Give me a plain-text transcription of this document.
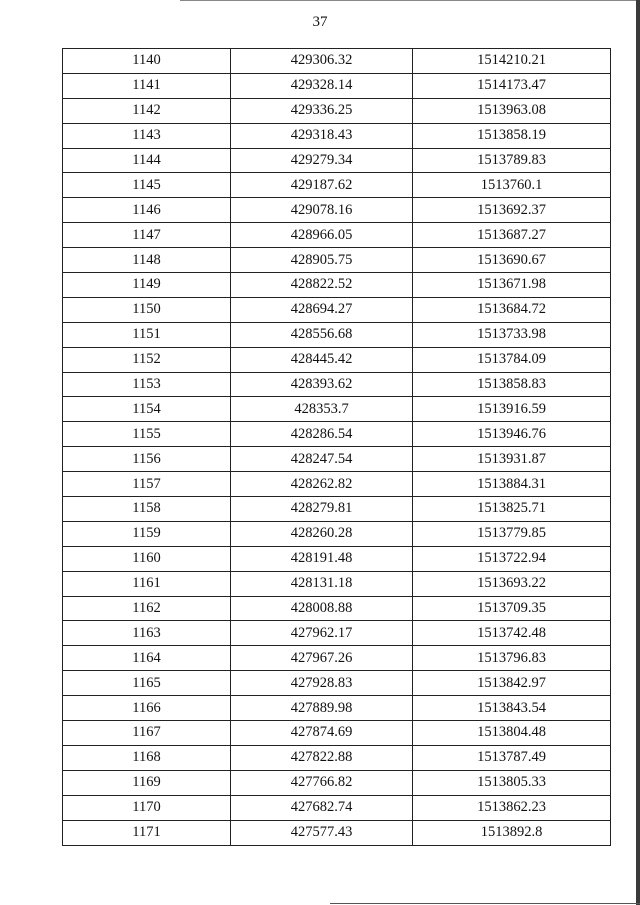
37
1140	429306.32	1514210.21
1141	429328.14	1514173.47
1142	429336.25	1513963.08
1143	429318.43	1513858.19
1144	429279.34	1513789.83
1145	429187.62	1513760.1
1146	429078.16	1513692.37
1147	428966.05	1513687.27
1148	428905.75	1513690.67
1149	428822.52	1513671.98
1150	428694.27	1513684.72
1151	428556.68	1513733.98
1152	428445.42	1513784.09
1153	428393.62	1513858.83
1154	428353.7	1513916.59
1155	428286.54	1513946.76
1156	428247.54	1513931.87
1157	428262.82	1513884.31
1158	428279.81	1513825.71
1159	428260.28	1513779.85
1160	428191.48	1513722.94
1161	428131.18	1513693.22
1162	428008.88	1513709.35
1163	427962.17	1513742.48
1164	427967.26	1513796.83
1165	427928.83	1513842.97
1166	427889.98	1513843.54
1167	427874.69	1513804.48
1168	427822.88	1513787.49
1169	427766.82	1513805.33
1170	427682.74	1513862.23
1171	427577.43	1513892.8
